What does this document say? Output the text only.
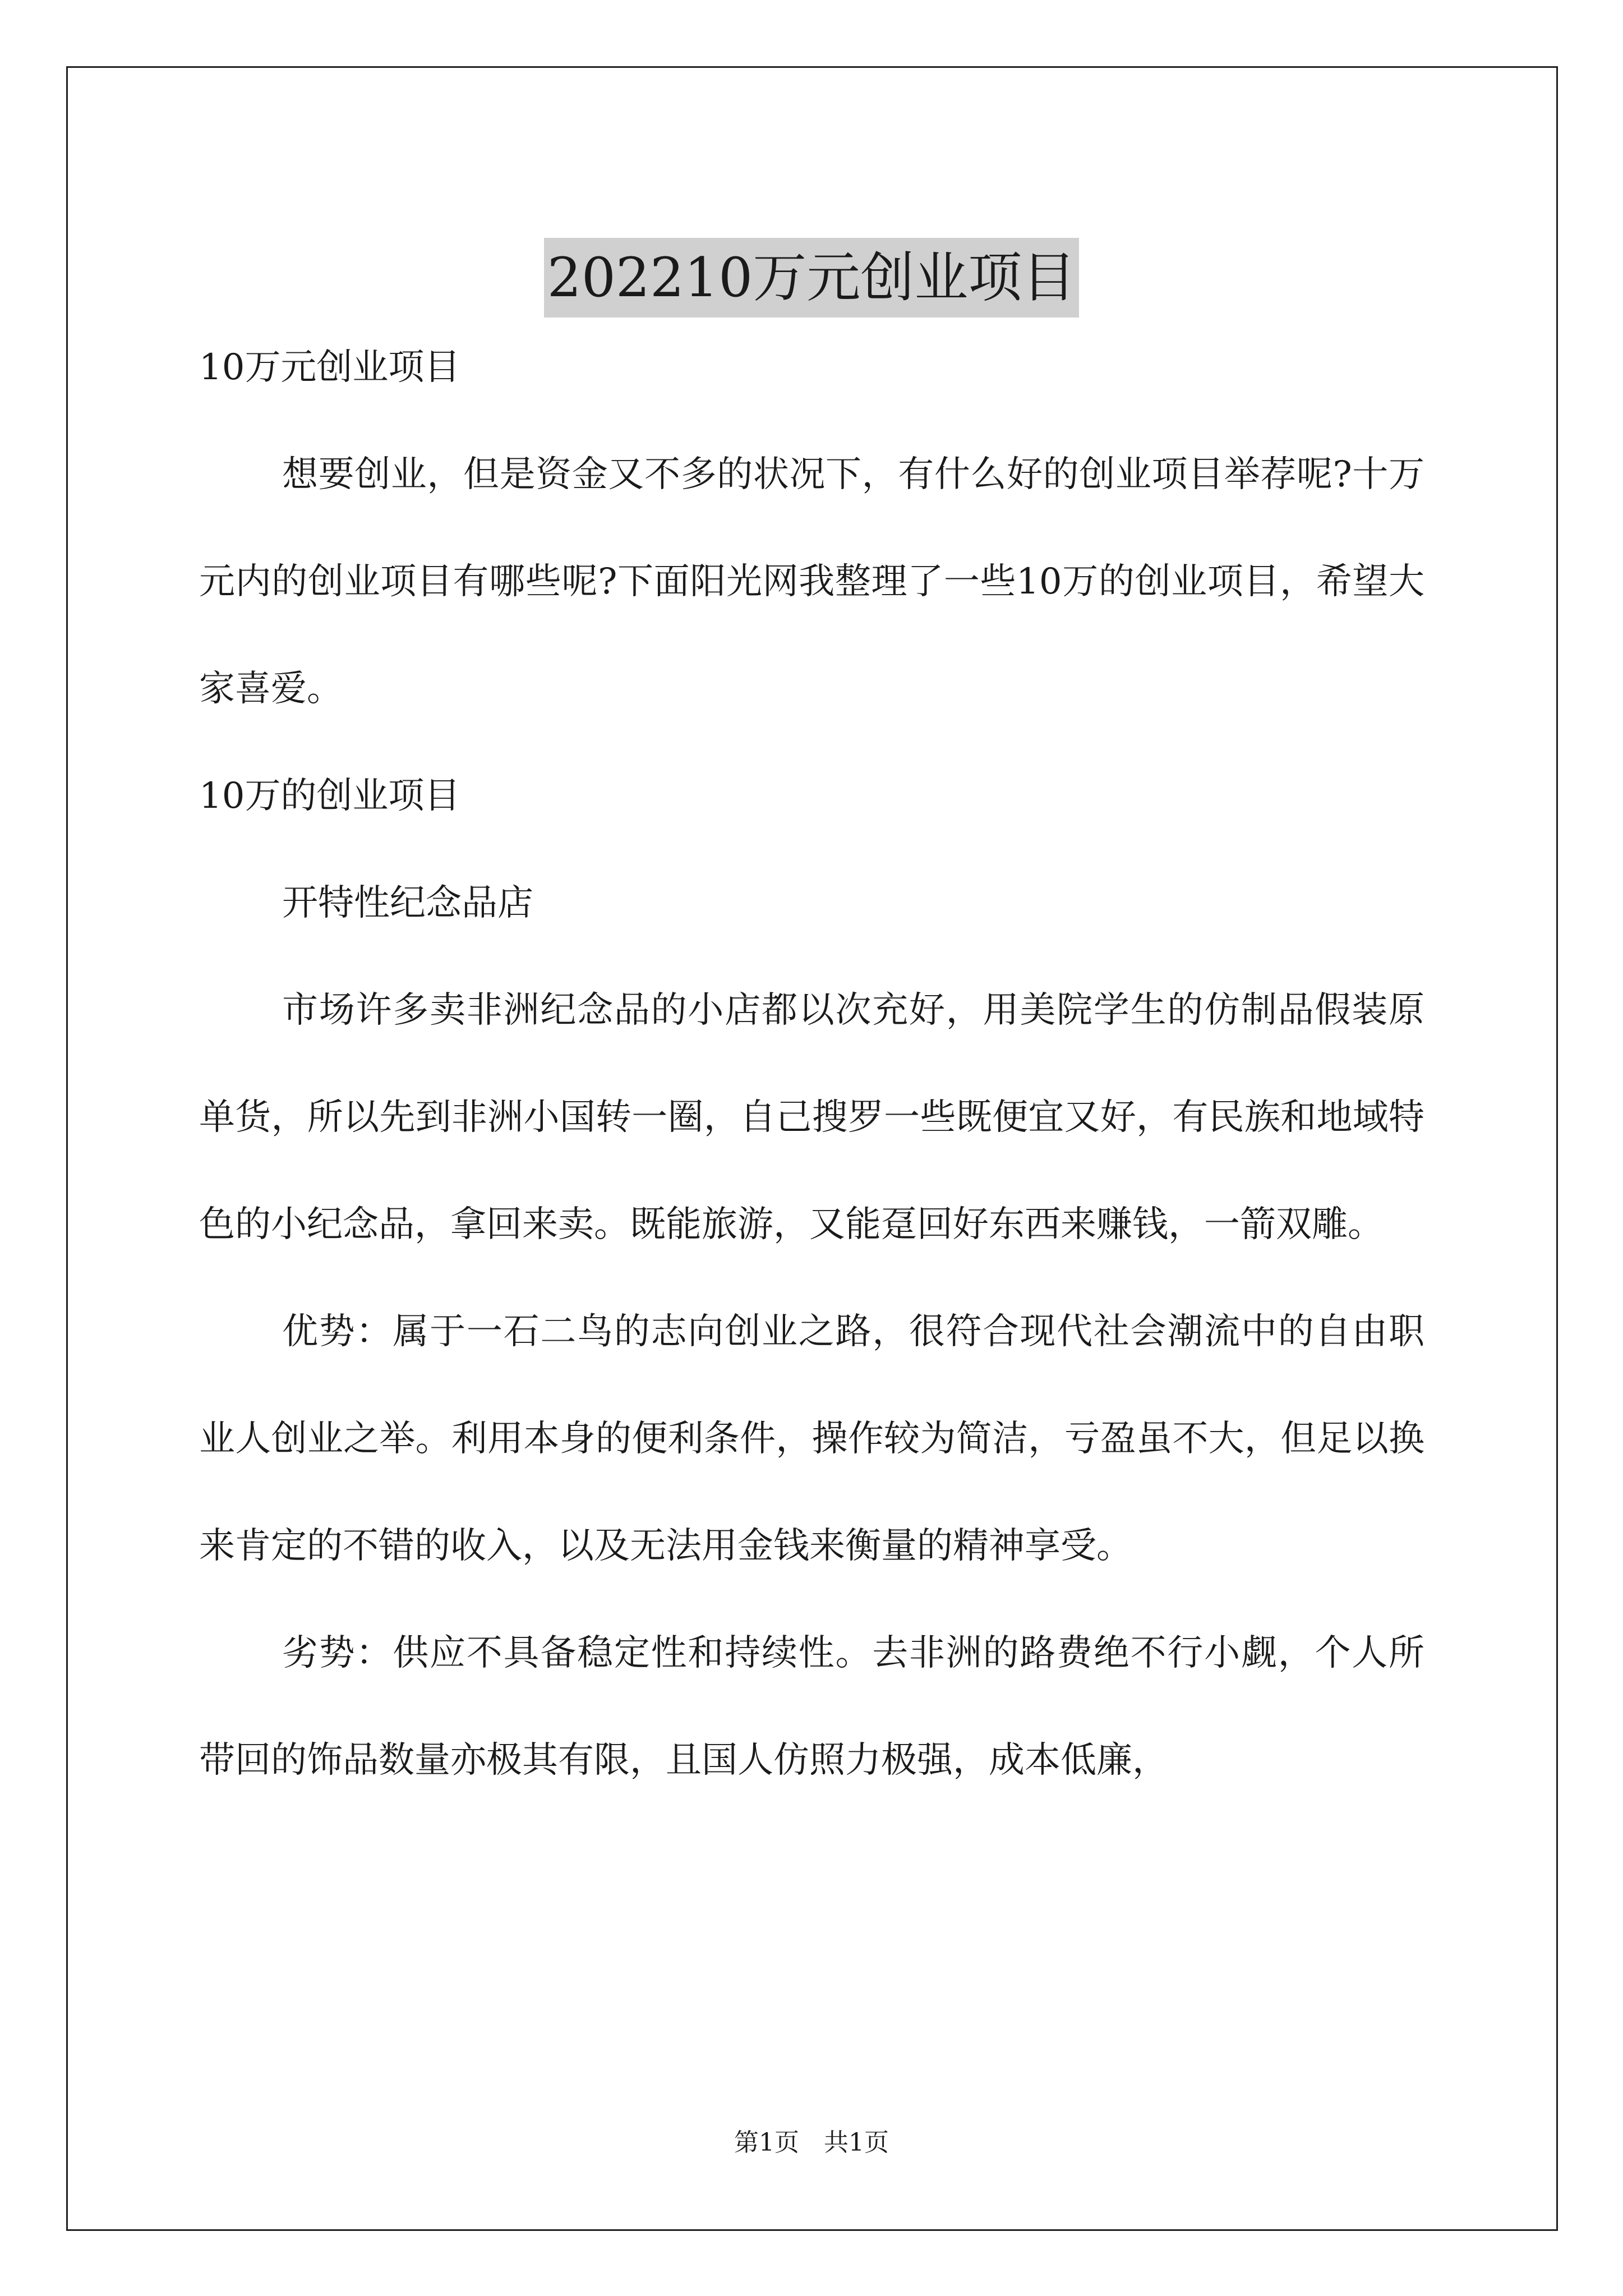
202210万元创业项目

10万元创业项目

想要创业，但是资金又不多的状况下，有什么好的创业项目举荐呢?十万元内的创业项目有哪些呢?下面阳光网我整理了一些10万的创业项目，希望大家喜爱。

10万的创业项目

开特性纪念品店

市场许多卖非洲纪念品的小店都以次充好，用美院学生的仿制品假装原单货，所以先到非洲小国转一圈，自己搜罗一些既便宜又好，有民族和地域特色的小纪念品，拿回来卖。既能旅游，又能趸回好东西来赚钱，一箭双雕。

优势：属于一石二鸟的志向创业之路，很符合现代社会潮流中的自由职业人创业之举。利用本身的便利条件，操作较为简洁，亏盈虽不大，但足以换来肯定的不错的收入，以及无法用金钱来衡量的精神享受。

劣势：供应不具备稳定性和持续性。去非洲的路费绝不行小觑，个人所带回的饰品数量亦极其有限，且国人仿照力极强，成本低廉，

第1页　共1页
